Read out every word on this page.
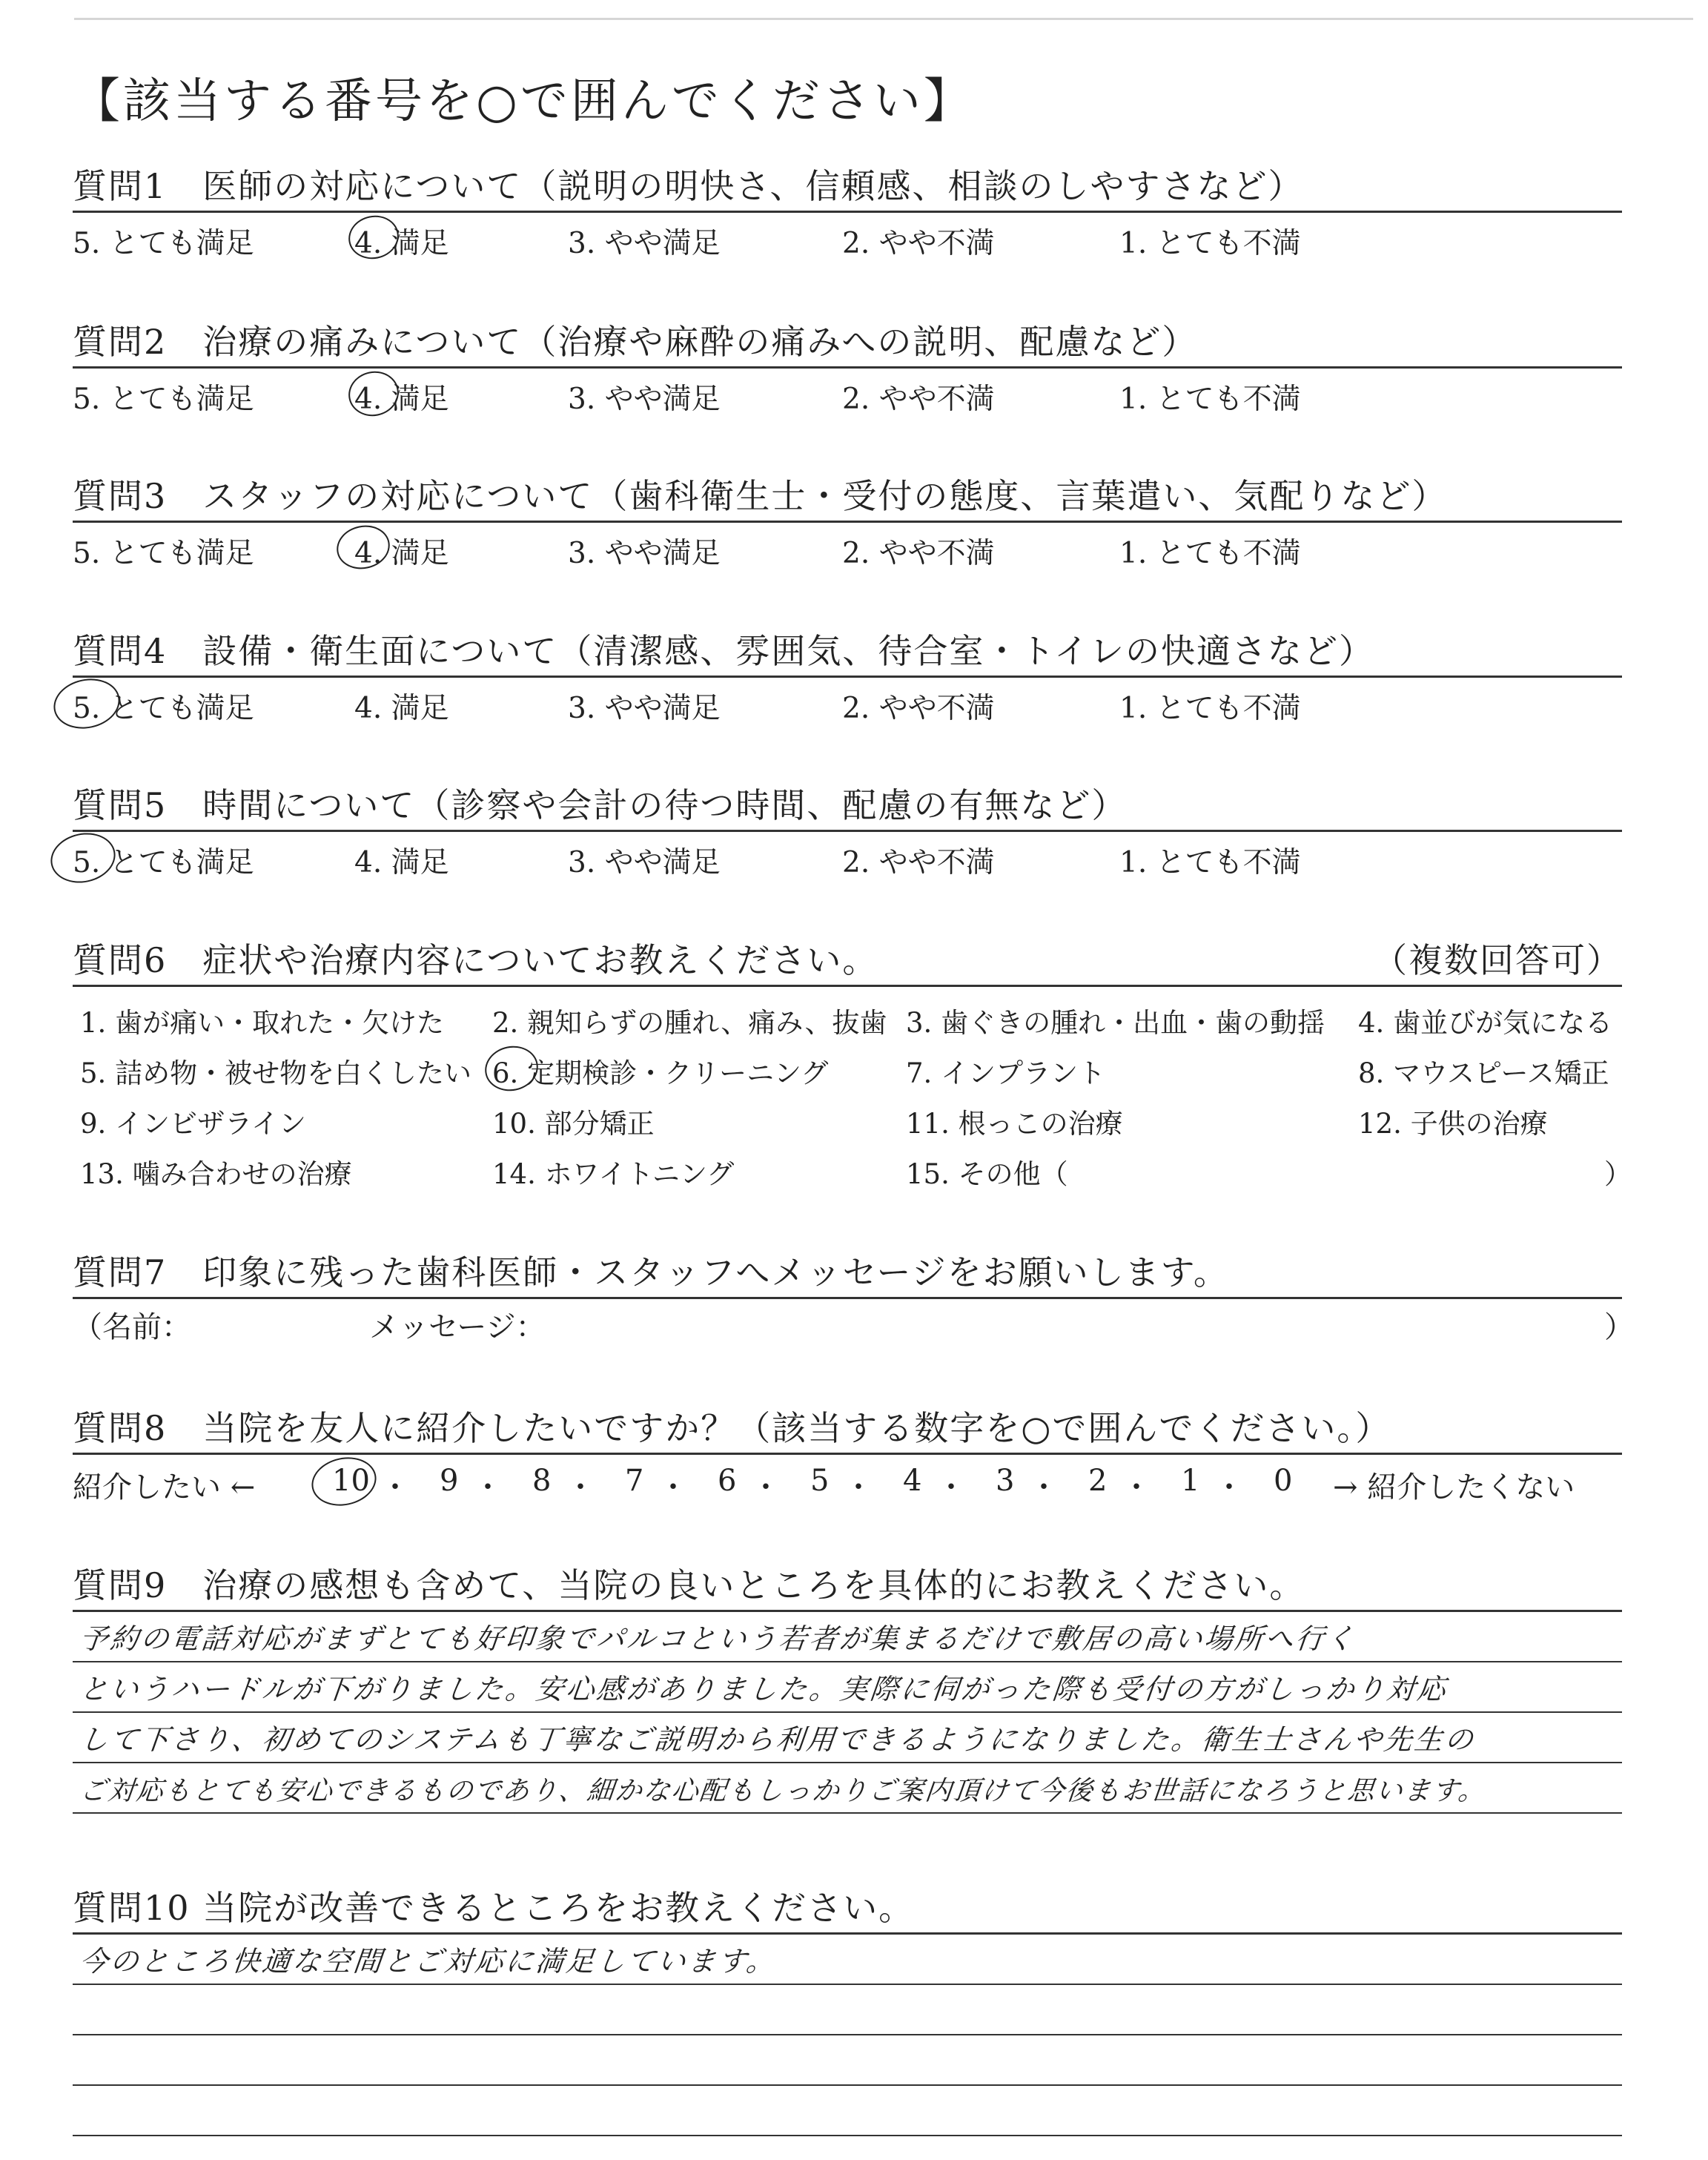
【該当する番号を○で囲んでください】
質問1　医師の対応について（説明の明快さ、信頼感、相談のしやすさなど）
5. とても満足	4. 満足	3. やや満足	2. やや不満	1. とても不満
質問2　治療の痛みについて（治療や麻酔の痛みへの説明、配慮など）
5. とても満足	4. 満足	3. やや満足	2. やや不満	1. とても不満
質問3　スタッフの対応について（歯科衛生士・受付の態度、言葉遣い、気配りなど）
5. とても満足	4. 満足	3. やや満足	2. やや不満	1. とても不満
質問4　設備・衛生面について（清潔感、雰囲気、待合室・トイレの快適さなど）
5. とても満足	4. 満足	3. やや満足	2. やや不満	1. とても不満
質問5　時間について（診察や会計の待つ時間、配慮の有無など）
5. とても満足	4. 満足	3. やや満足	2. やや不満	1. とても不満
質問6　症状や治療内容についてお教えください。	（複数回答可）
1. 歯が痛い・取れた・欠けた 2. 親知らずの腫れ、痛み、抜歯 3. 歯ぐきの腫れ・出血・歯の動揺 4. 歯並びが気になる
5. 詰め物・被せ物を白くしたい 6. 定期検診・クリーニング	7. インプラント	8. マウスピース矯正
9. インビザライン	10. 部分矯正	11. 根っこの治療	12. 子供の治療
13. 噛み合わせの治療	14. ホワイトニング	15. その他（	）
質問7　印象に残った歯科医師・スタッフへメッセージをお願いします。
（名前：	メッセージ：	）
質問8　当院を友人に紹介したいですか？（該当する数字を○で囲んでください。）
紹介したい ←	10 ・ 9 ・ 8 ・ 7 ・ 6 ・ 5 ・ 4 ・ 3 ・ 2 ・ 1 ・ 0 → 紹介したくない
質問9　治療の感想も含めて、当院の良いところを具体的にお教えください。
予約の電話対応がまずとても好印象でパルコという若者が集まるだけで敷居の高い場所へ行く
というハードルが下がりました。安心感がありました。実際に伺がった際も受付の方がしっかり対応
して下さり、初めてのシステムも丁寧なご説明から利用できるようになりました。衛生士さんや先生の
ご対応もとても安心できるものであり、細かな心配もしっかりご案内頂けて今後もお世話になろうと思います。
質問10 当院が改善できるところをお教えください。
今のところ快適な空間とご対応に満足しています。
